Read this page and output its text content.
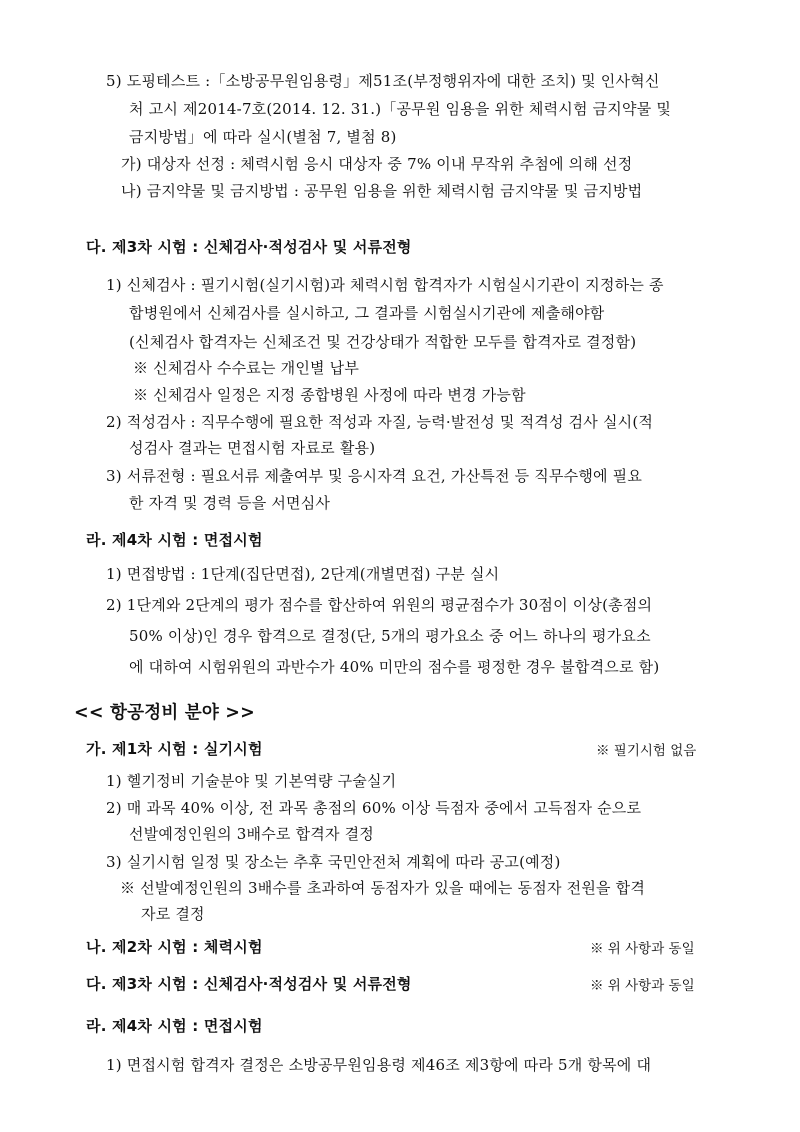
5) 도핑테스트 :「소방공무원임용령」제51조(부정행위자에 대한 조치) 및 인사혁신
처 고시 제2014-7호(2014. 12. 31.)「공무원 임용을 위한 체력시험 금지약물 및
금지방법」에 따라 실시(별첨 7, 별첨 8)
가) 대상자 선정 : 체력시험 응시 대상자 중 7% 이내 무작위 추첨에 의해 선정
나) 금지약물 및 금지방법 : 공무원 임용을 위한 체력시험 금지약물 및 금지방법
다. 제3차 시험 : 신체검사·적성검사 및 서류전형
1) 신체검사 : 필기시험(실기시험)과 체력시험 합격자가 시험실시기관이 지정하는 종
합병원에서 신체검사를 실시하고, 그 결과를 시험실시기관에 제출해야함
(신체검사 합격자는 신체조건 및 건강상태가 적합한 모두를 합격자로 결정함)
※ 신체검사 수수료는 개인별 납부
※ 신체검사 일정은 지정 종합병원 사정에 따라 변경 가능함
2) 적성검사 : 직무수행에 필요한 적성과 자질, 능력·발전성 및 적격성 검사 실시(적
성검사 결과는 면접시험 자료로 활용)
3) 서류전형 : 필요서류 제출여부 및 응시자격 요건, 가산특전 등 직무수행에 필요
한 자격 및 경력 등을 서면심사
라. 제4차 시험 : 면접시험
1) 면접방법 : 1단계(집단면접), 2단계(개별면접) 구분 실시
2) 1단계와 2단계의 평가 점수를 합산하여 위원의 평균점수가 30점이 이상(총점의
50% 이상)인 경우 합격으로 결정(단, 5개의 평가요소 중 어느 하나의 평가요소
에 대하여 시험위원의 과반수가 40% 미만의 점수를 평정한 경우 불합격으로 함)
<< 항공정비 분야 >>
가. 제1차 시험 : 실기시험	※ 필기시험 없음
1) 헬기정비 기술분야 및 기본역량 구술실기
2) 매 과목 40% 이상, 전 과목 총점의 60% 이상 득점자 중에서 고득점자 순으로
선발예정인원의 3배수로 합격자 결정
3) 실기시험 일정 및 장소는 추후 국민안전처 계획에 따라 공고(예정)
※ 선발예정인원의 3배수를 초과하여 동점자가 있을 때에는 동점자 전원을 합격
자로 결정
나. 제2차 시험 : 체력시험	※ 위 사항과 동일
다. 제3차 시험 : 신체검사·적성검사 및 서류전형	※ 위 사항과 동일
라. 제4차 시험 : 면접시험
1) 면접시험 합격자 결정은 소방공무원임용령 제46조 제3항에 따라 5개 항목에 대
